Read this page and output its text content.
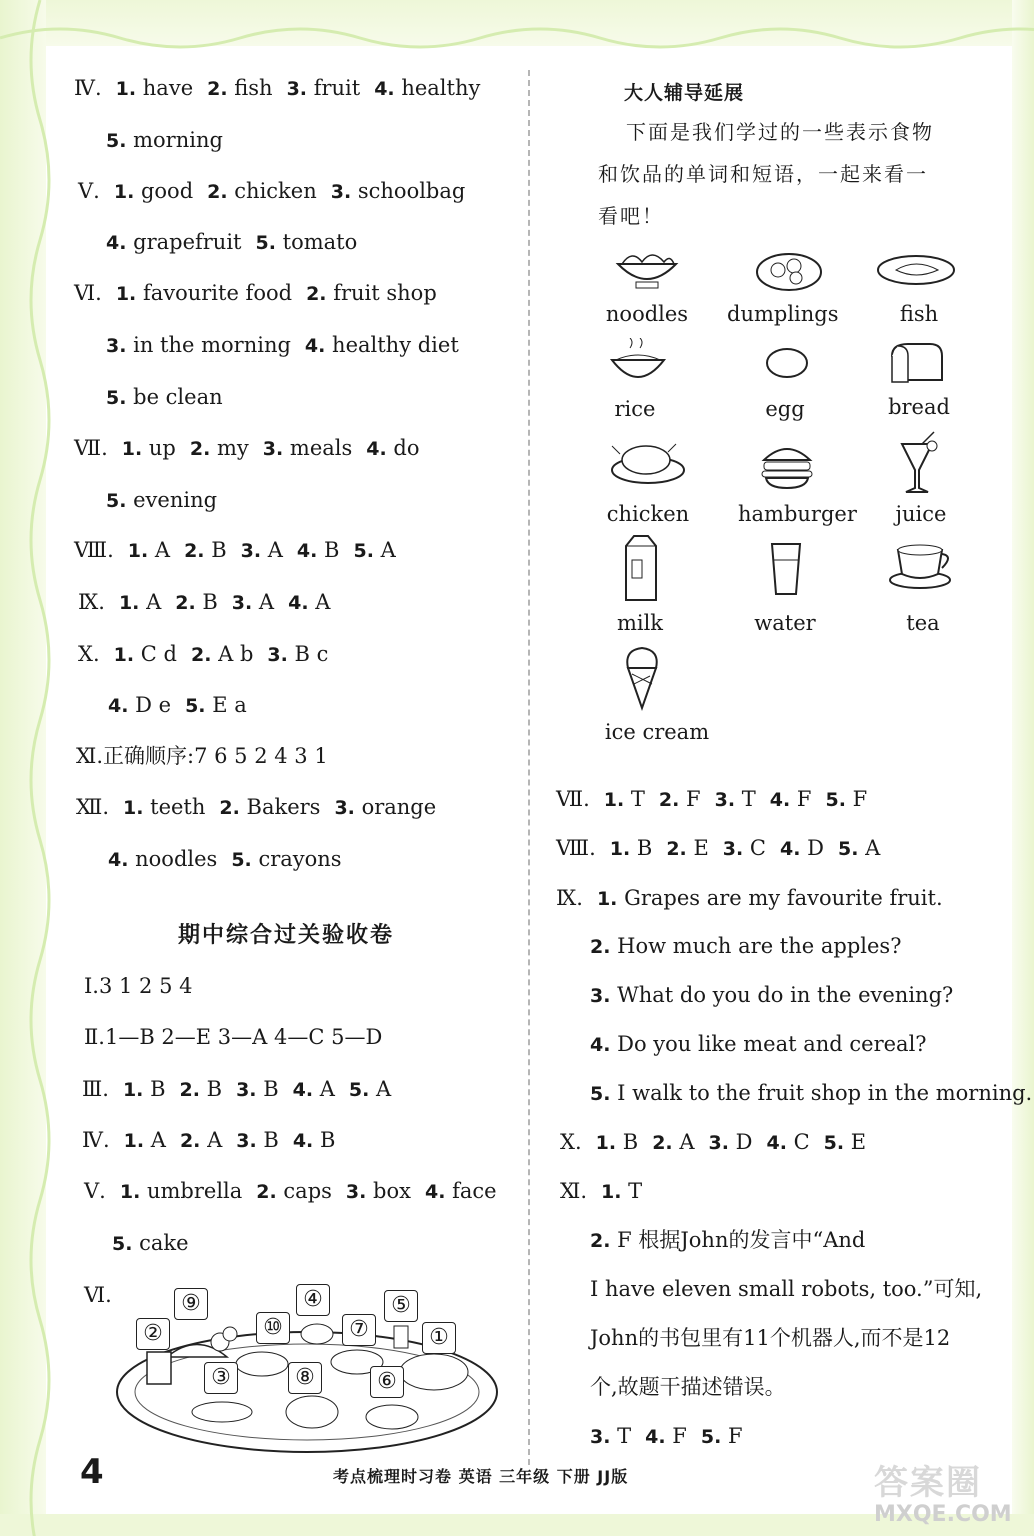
Ⅳ. 1. have 2. fish 3. fruit 4. healthy
5. morning
Ⅴ. 1. good 2. chicken 3. schoolbag
4. grapefruit 5. tomato
Ⅵ. 1. favourite food 2. fruit shop
3. in the morning 4. healthy diet
5. be clean
Ⅶ. 1. up 2. my 3. meals 4. do
5. evening
Ⅷ. 1. A 2. B 3. A 4. B 5. A
Ⅸ. 1. A 2. B 3. A 4. A
Ⅹ. 1. C d 2. A b 3. B c
4. D e 5. E a
Ⅺ.正确顺序:7 6 5 2 4 3 1
Ⅻ. 1. teeth 2. Bakers 3. orange
4. noodles 5. crayons
期中综合过关验收卷
Ⅰ.3 1 2 5 4
Ⅱ.1—B 2—E 3—A 4—C 5—D
Ⅲ. 1. B 2. B 3. B 4. A 5. A
Ⅳ. 1. A 2. A 3. B 4. B
Ⅴ. 1. umbrella 2. caps 3. box 4. face
5. cake
Ⅵ.	⑨
②	⑩
④
⑦
⑤
①
③	⑧	⑥
大人辅导延展
下面是我们学过的一些表示食物
和饮品的单词和短语，一起来看一
看吧！
noodles	dumplings	fish
rice	egg	bread
chicken	hamburger	juice
milk	water	tea
ice cream
Ⅶ. 1. T 2. F 3. T 4. F 5. F
Ⅷ. 1. B 2. E 3. C 4. D 5. A
Ⅸ. 1. Grapes are my favourite fruit.
2. How much are the apples?
3. What do you do in the evening?
4. Do you like meat and cereal?
5. I walk to the fruit shop in the morning.
Ⅹ. 1. B 2. A 3. D 4. C 5. E
Ⅺ. 1. T
2. F 根据John的发言中“And
I have eleven small robots, too.”可知,
John的书包里有11个机器人,而不是12
个,故题干描述错误。
3. T 4. F 5. F
4	考点梳理时习卷 英语 三年级 下册 JJ版	答案圈
MXQE.COM
